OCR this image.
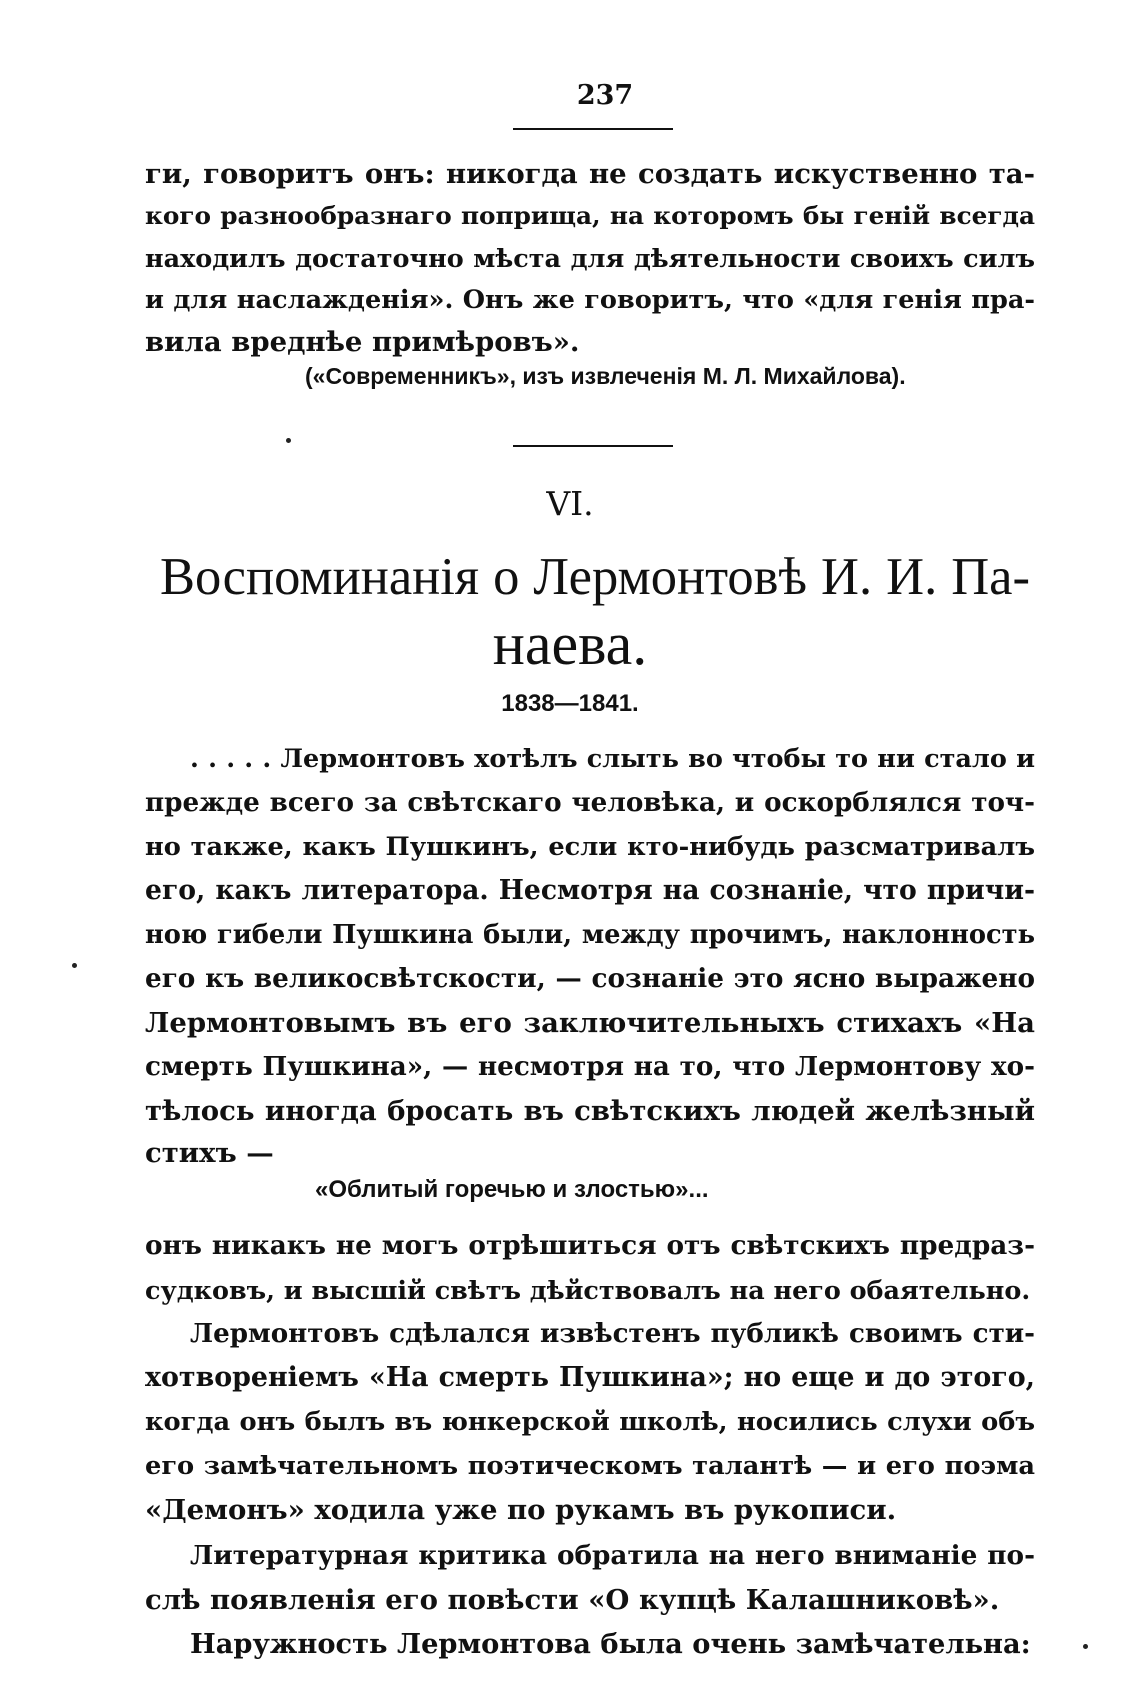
237
ги, говоритъ онъ: никогда не создать искуственно та-
кого разнообразнаго поприща, на которомъ бы геній всегда
находилъ достаточно мѣста для дѣятельности своихъ силъ
и для наслажденія». Онъ же говоритъ, что «для генія пра-
вила вреднѣе примѣровъ».
(«Современникъ», изъ извлеченія М. Л. Михайлова).
VI.
Воспоминанія о Лермонтовѣ И. И. Па-
наева.
1838—1841.
. . . . . Лермонтовъ хотѣлъ слыть во чтобы то ни стало и
прежде всего за свѣтскаго человѣка, и оскорблялся точ-
но также, какъ Пушкинъ, если кто-нибудь разсматривалъ
его, какъ литератора. Несмотря на сознаніе, что причи-
ною гибели Пушкина были, между прочимъ, наклонность
его къ великосвѣтскости, — сознаніе это ясно выражено
Лермонтовымъ въ его заключительныхъ стихахъ «На
смерть Пушкина», — несмотря на то, что Лермонтову хо-
тѣлось иногда бросать въ свѣтскихъ людей желѣзный
стихъ —
«Облитый горечью и злостью»...
онъ никакъ не могъ отрѣшиться отъ свѣтскихъ предраз-
судковъ, и высшій свѣтъ дѣйствовалъ на него обаятельно.
Лермонтовъ сдѣлался извѣстенъ публикѣ своимъ сти-
хотвореніемъ «На смерть Пушкина»; но еще и до этого,
когда онъ былъ въ юнкерской школѣ, носились слухи объ
его замѣчательномъ поэтическомъ талантѣ — и его поэма
«Демонъ» ходила уже по рукамъ въ рукописи.
Литературная критика обратила на него вниманіе по-
слѣ появленія его повѣсти «О купцѣ Калашниковѣ».
Наружность Лермонтова была очень замѣчательна:
